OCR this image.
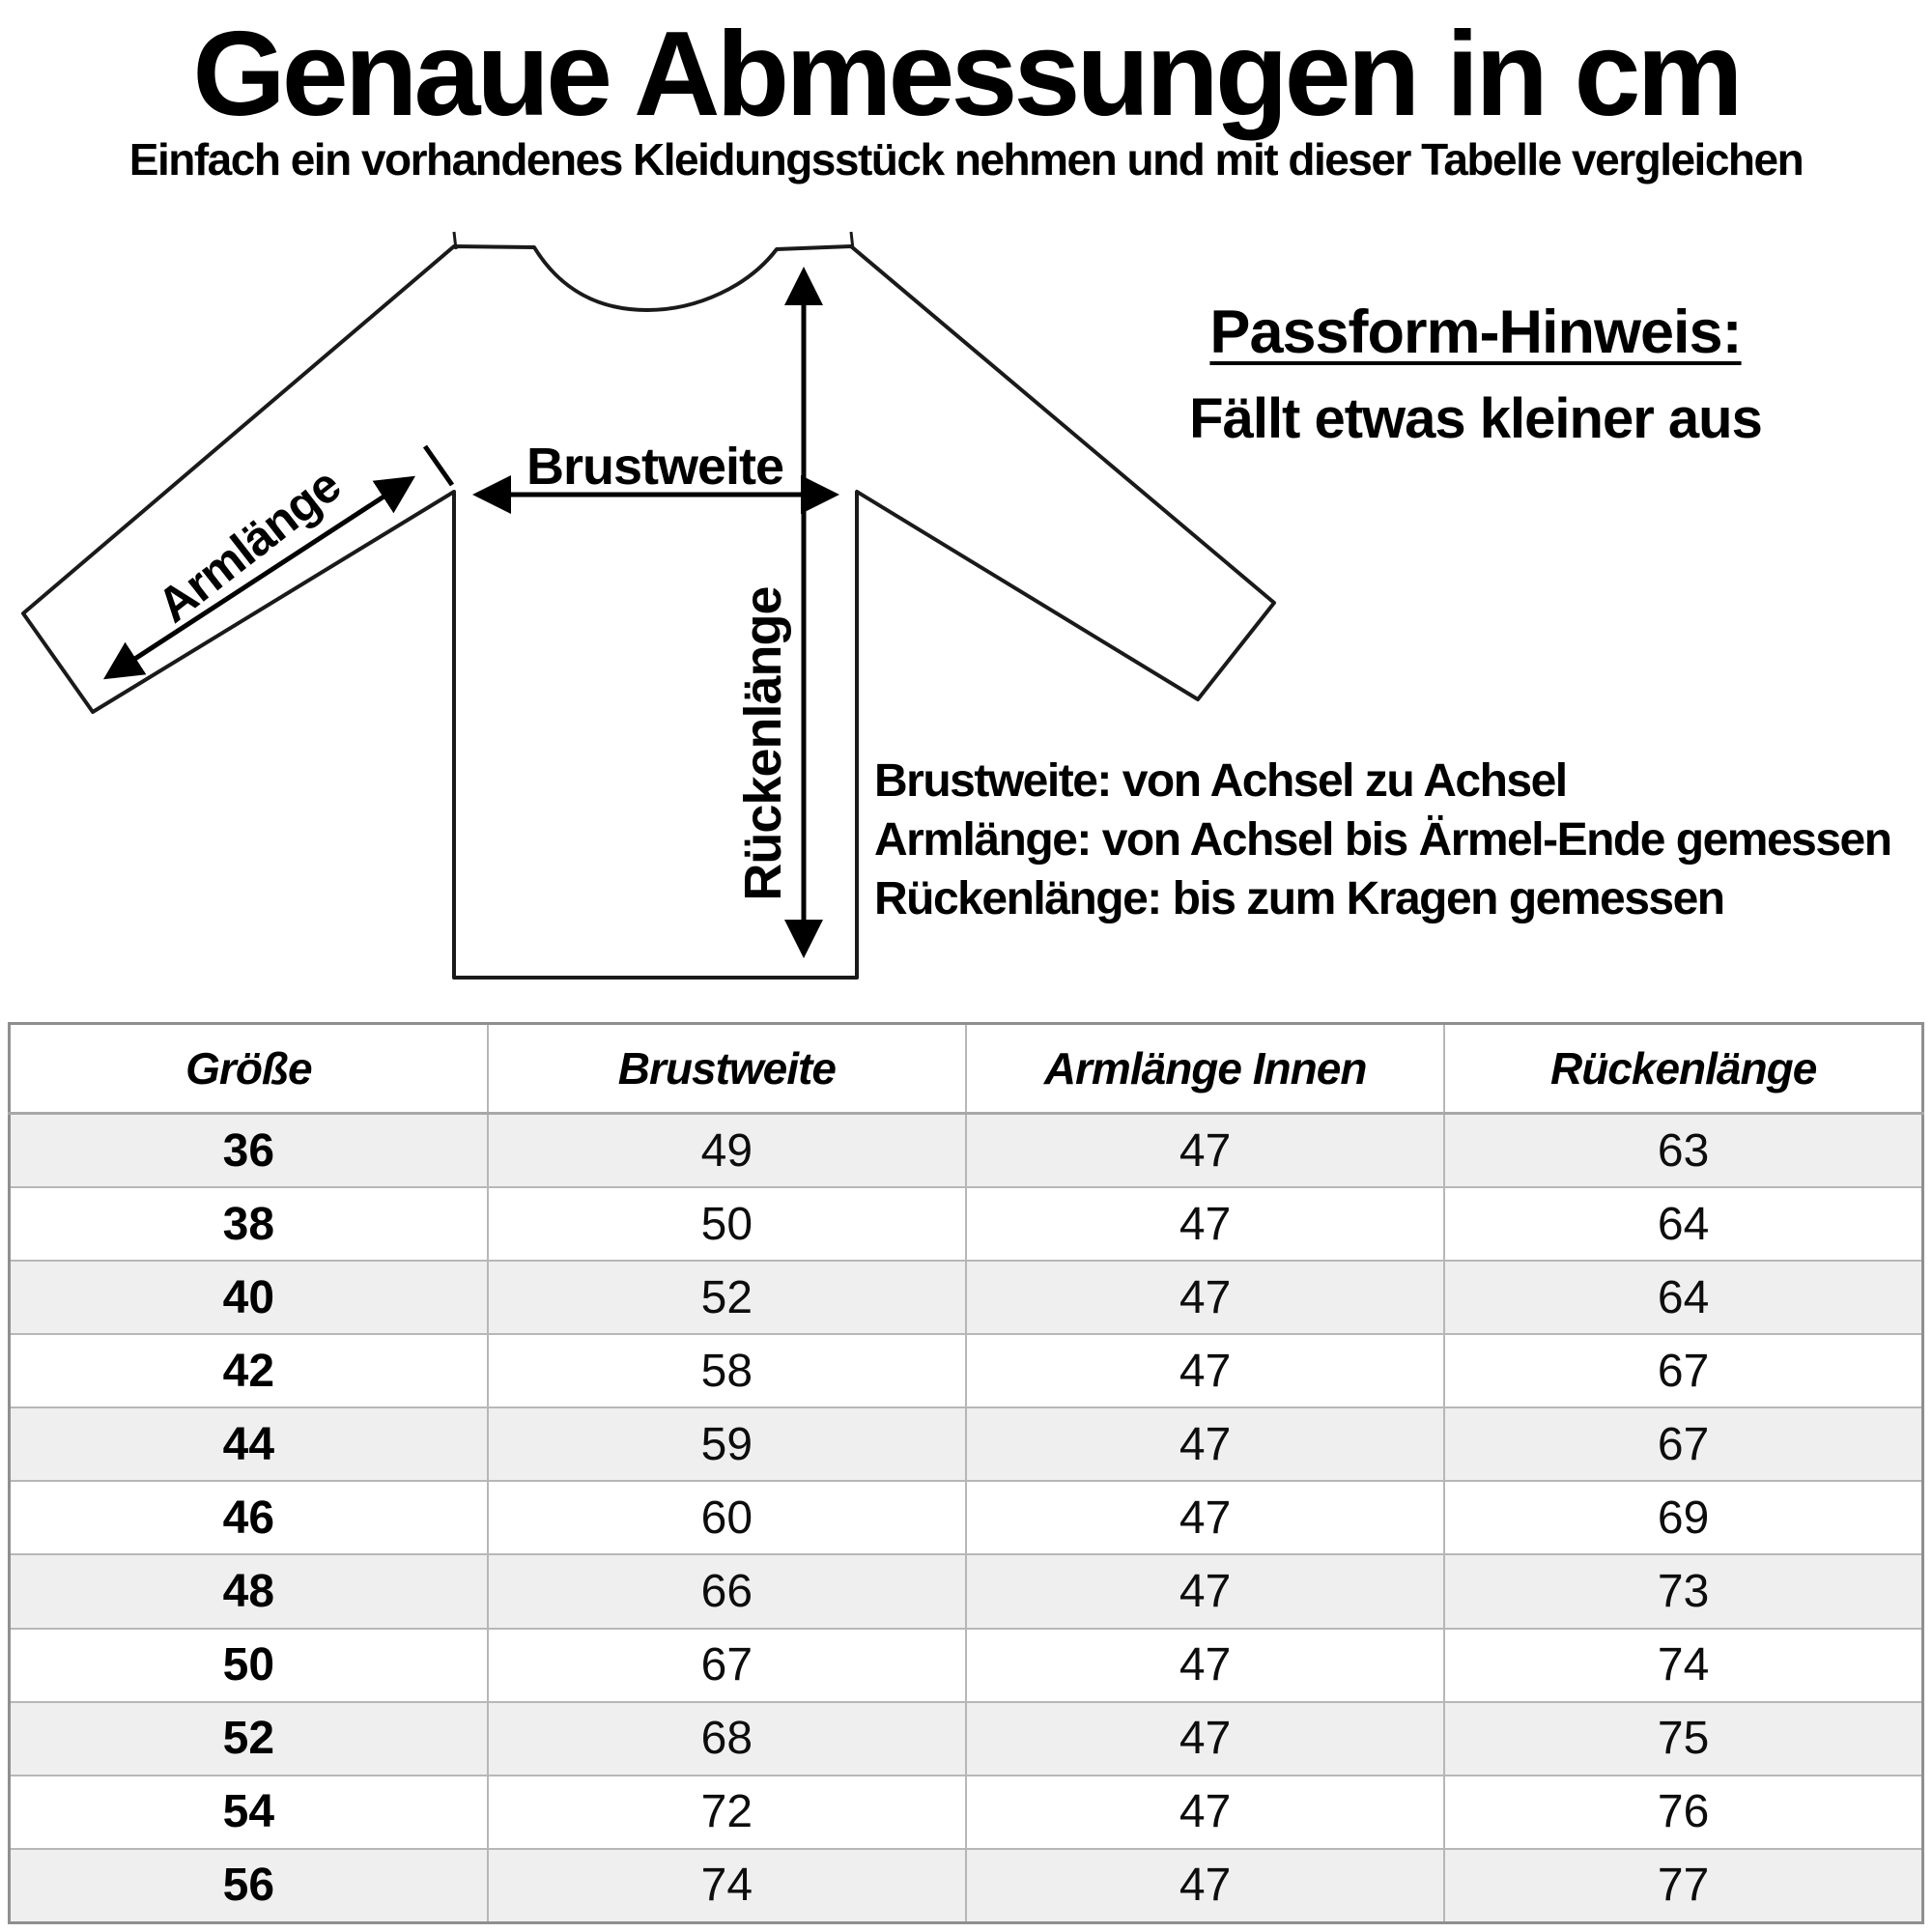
Genaue Abmessungen in cm
Einfach ein vorhandenes Kleidungsstück nehmen und mit dieser Tabelle vergleichen
Armlänge	Brustweite
Rückenlänge
Passform-Hinweis:
Fällt etwas kleiner aus
Brustweite: von Achsel zu Achsel
Armlänge: von Achsel bis Ärmel-Ende gemessen
Rückenlänge: bis zum Kragen gemessen
Größe	Brustweite	Armlänge Innen	Rückenlänge
36	49	47	63
38	50	47	64
40	52	47	64
42	58	47	67
44	59	47	67
46	60	47	69
48	66	47	73
50	67	47	74
52	68	47	75
54	72	47	76
56	74	47	77
